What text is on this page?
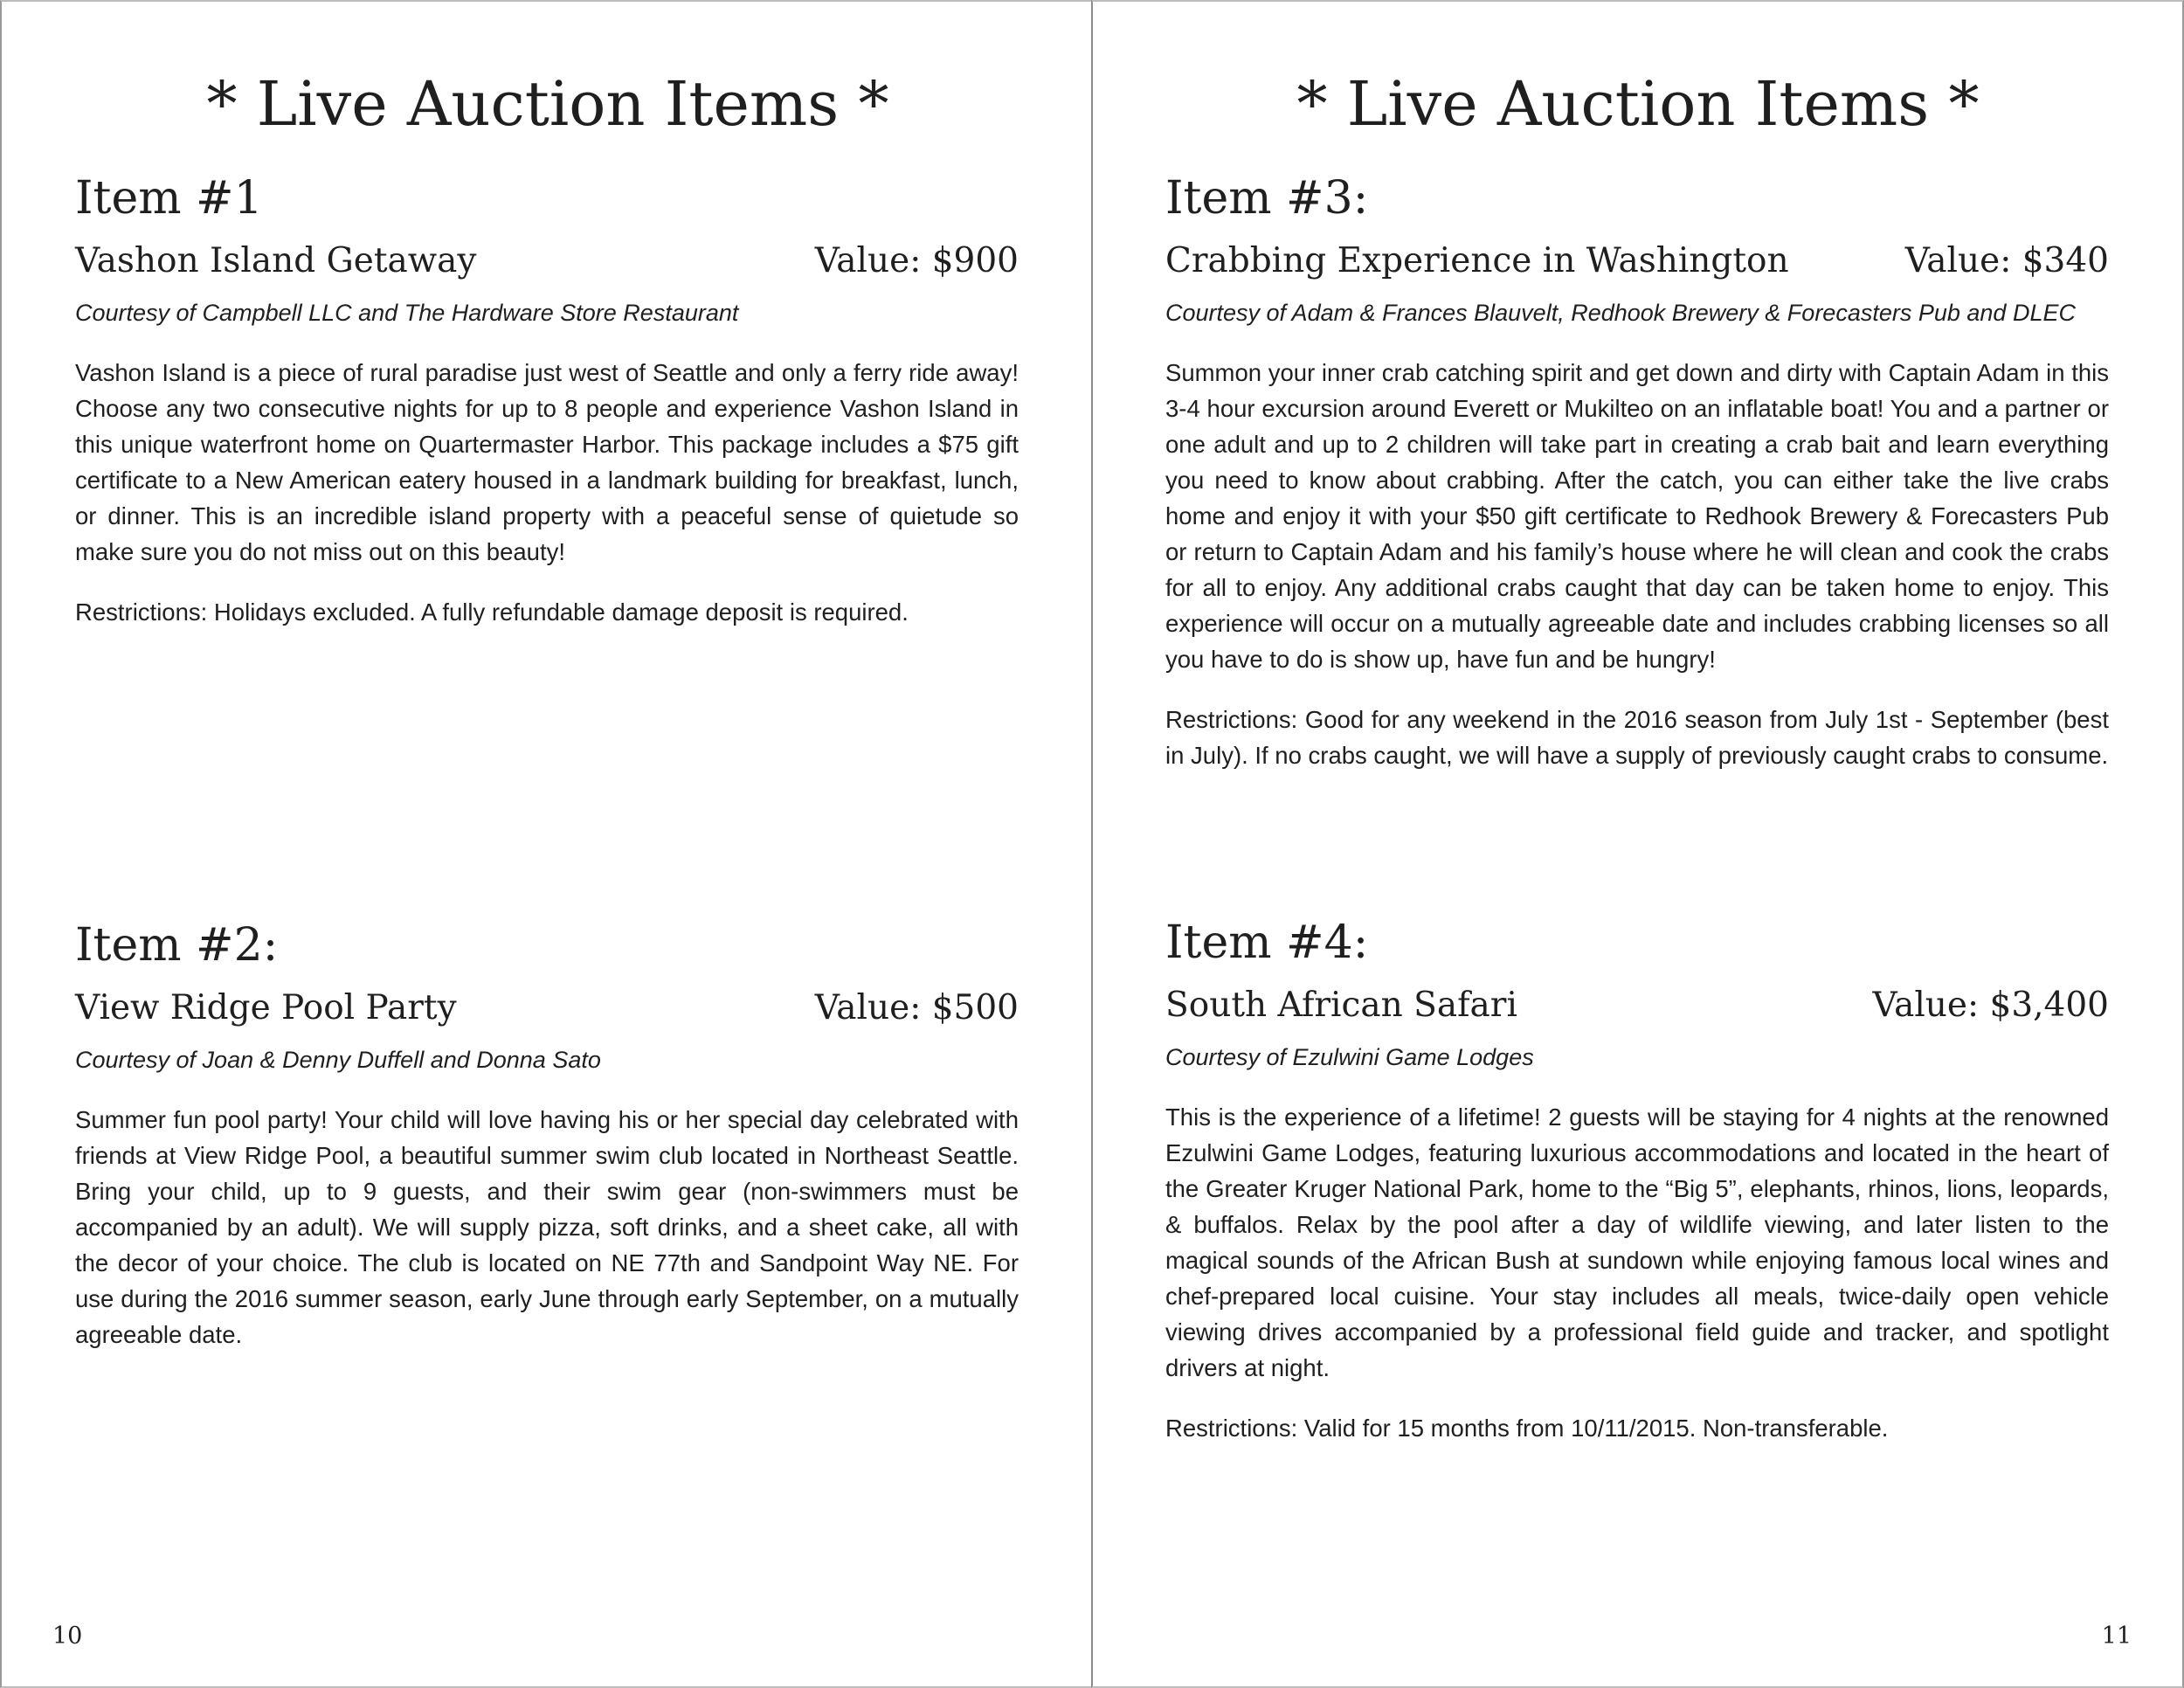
* Live Auction Items *
Item #1
Vashon Island Getaway	Value: $900
Courtesy of Campbell LLC and The Hardware Store Restaurant
Vashon Island is a piece of rural paradise just west of Seattle and only a ferry ride away! Choose any two consecutive nights for up to 8 people and experience Vashon Island in this unique waterfront home on Quartermaster Harbor. This package includes a $75 gift certificate to a New American eatery housed in a landmark building for breakfast, lunch, or dinner. This is an incredible island property with a peaceful sense of quietude so make sure you do not miss out on this beauty!
Restrictions: Holidays excluded. A fully refundable damage deposit is required.
Item #2:
View Ridge Pool Party	Value: $500
Courtesy of Joan & Denny Duffell and Donna Sato
Summer fun pool party! Your child will love having his or her special day celebrated with friends at View Ridge Pool, a beautiful summer swim club located in Northeast Seattle. Bring your child, up to 9 guests, and their swim gear (non-swimmers must be accompanied by an adult). We will supply pizza, soft drinks, and a sheet cake, all with the decor of your choice. The club is located on NE 77th and Sandpoint Way NE. For use during the 2016 summer season, early June through early September, on a mutually agreeable date.
10
* Live Auction Items *
Item #3:
Crabbing Experience in Washington	Value: $340
Courtesy of Adam & Frances Blauvelt, Redhook Brewery & Forecasters Pub and DLEC
Summon your inner crab catching spirit and get down and dirty with Captain Adam in this 3-4 hour excursion around Everett or Mukilteo on an inflatable boat! You and a partner or one adult and up to 2 children will take part in creating a crab bait and learn everything you need to know about crabbing. After the catch, you can either take the live crabs home and enjoy it with your $50 gift certificate to Redhook Brewery & Forecasters Pub or return to Captain Adam and his family’s house where he will clean and cook the crabs for all to enjoy. Any additional crabs caught that day can be taken home to enjoy. This experience will occur on a mutually agreeable date and includes crabbing licenses so all you have to do is show up, have fun and be hungry!
Restrictions: Good for any weekend in the 2016 season from July 1st - September (best in July). If no crabs caught, we will have a supply of previously caught crabs to consume.
Item #4:
South African Safari	Value: $3,400
Courtesy of Ezulwini Game Lodges
This is the experience of a lifetime! 2 guests will be staying for 4 nights at the renowned Ezulwini Game Lodges, featuring luxurious accommodations and located in the heart of the Greater Kruger National Park, home to the “Big 5”, elephants, rhinos, lions, leopards, & buffalos. Relax by the pool after a day of wildlife viewing, and later listen to the magical sounds of the African Bush at sundown while enjoying famous local wines and chef-prepared local cuisine. Your stay includes all meals, twice-daily open vehicle viewing drives accompanied by a professional field guide and tracker, and spotlight drivers at night.
Restrictions: Valid for 15 months from 10/11/2015. Non-transferable.
11
